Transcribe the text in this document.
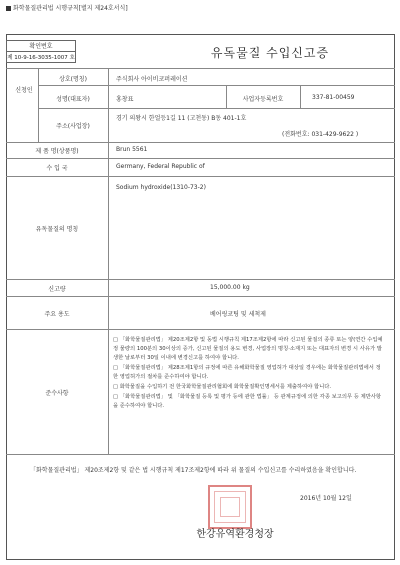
화학물질관리법 시행규칙[별지 제24호서식]
확인번호
제 10-9-16-3035-1007 호	유독물질 수입신고증
신청인
상호(명칭)	주식회사 아이비코퍼레이션
성명(대표자)	홍창표	사업자등록번호	337-81-00459
주소(사업장)
경기 의왕시 한얼등1길 11 (고천동) B동 401-1호
(전화번호: 031-429-9622 )
제 품 명(상품명)	Brun 5561
수 입 국	Germany, Federal Republic of
유독물질의 명칭
Sodium hydroxide(1310-73-2)
신고량	15,000.00 kg
주요 용도	베어링코팅 및 세척제
준수사항

□ 「화학물질관리법」 제20조제2항 및 동법 시행규칙 제17조제2항에 따라 신고된 물질의 종류 또는 양(연간 수입예정 물량의 100분의 30이상의 증가, 신고된 물질의 용도 변경, 사업장의 명칭·소재지 또는 대표자의 변경 시 사유가 발생한 날로부터 30일 이내에 변경신고를 하여야 합니다.

□ 「화학물질관리법」 제28조제1항의 규정에 따른 유해화학물질 영업허가 대상일 경우에는 화학물질관리법에서 정한 영업허가의 절차를 준수하여야 합니다.

□ 화학물질을 수입하기 전 한국화학물질관리협회에 화학물질확인명세서를 제출하여야 합니다.

□ 「화학물질관리법」 및 「화학물질 등록 및 평가 등에 관한 법률」 등 관계규정에 의한 각종 보고의무 등 제반사항을 준수하여야 합니다.

「화학물질관리법」 제20조제2항 및 같은 법 시행규칙 제17조제2항에 따라 위 물질의 수입신고를 수리하였음을 확인합니다.
2016년 10월 12일
한강유역환경청장
